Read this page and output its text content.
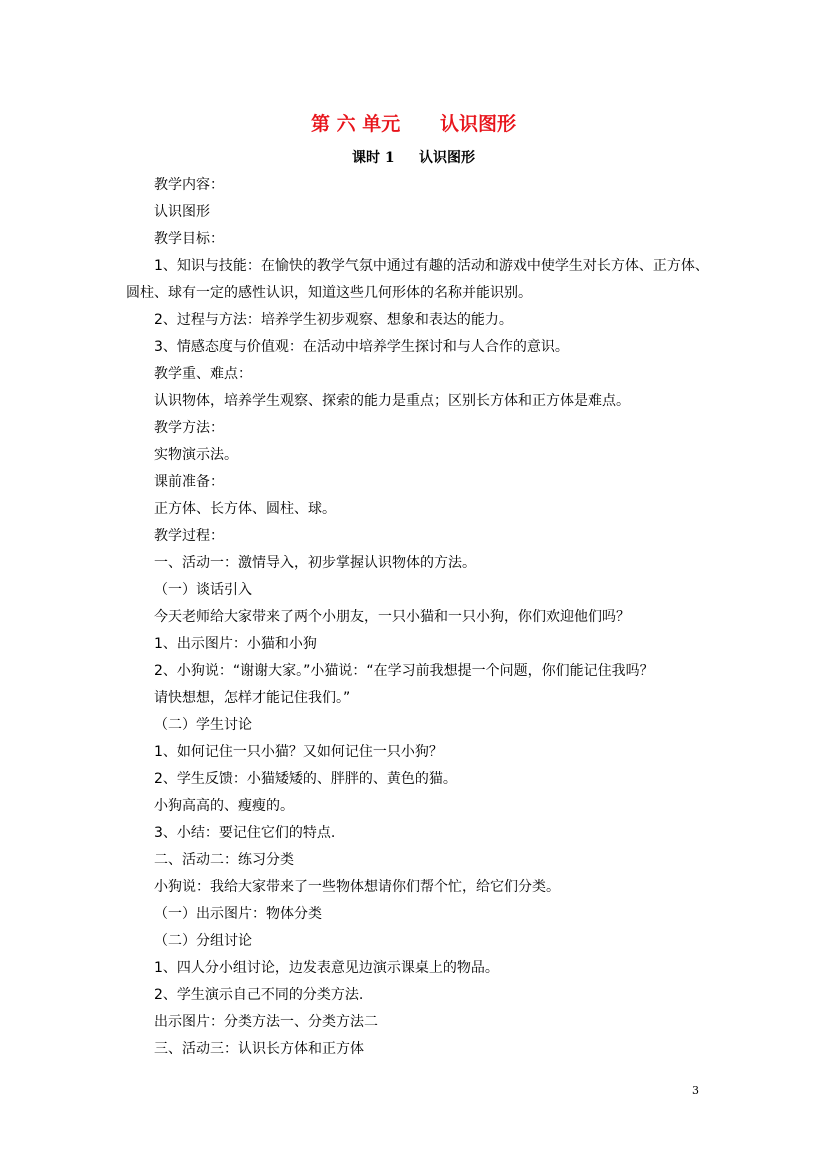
第 六 单元      认识图形
课时 1     认识图形

教学内容：

认识图形

教学目标：

1、知识与技能：在愉快的教学气氛中通过有趣的活动和游戏中使学生对长方体、正方体、

圆柱、球有一定的感性认识，知道这些几何形体的名称并能识别。

2、过程与方法：培养学生初步观察、想象和表达的能力。

3、情感态度与价值观：在活动中培养学生探讨和与人合作的意识。

教学重、难点：

认识物体，培养学生观察、探索的能力是重点；区别长方体和正方体是难点。

教学方法：

实物演示法。

课前准备：

正方体、长方体、圆柱、球。

教学过程：

一、活动一：激情导入，初步掌握认识物体的方法。

（一）谈话引入

今天老师给大家带来了两个小朋友，一只小猫和一只小狗，你们欢迎他们吗？

1、出示图片：小猫和小狗

2、小狗说：“谢谢大家。”小猫说：“在学习前我想提一个问题，你们能记住我吗？

请快想想，怎样才能记住我们。”

（二）学生讨论

1、如何记住一只小猫？又如何记住一只小狗？

2、学生反馈：小猫矮矮的、胖胖的、黄色的猫。

小狗高高的、瘦瘦的。

3、小结：要记住它们的特点.

二、活动二：练习分类

小狗说：我给大家带来了一些物体想请你们帮个忙，给它们分类。

（一）出示图片：物体分类

（二）分组讨论

1、四人分小组讨论，边发表意见边演示课桌上的物品。

2、学生演示自己不同的分类方法.

出示图片：分类方法一、分类方法二

三、活动三：认识长方体和正方体

3
